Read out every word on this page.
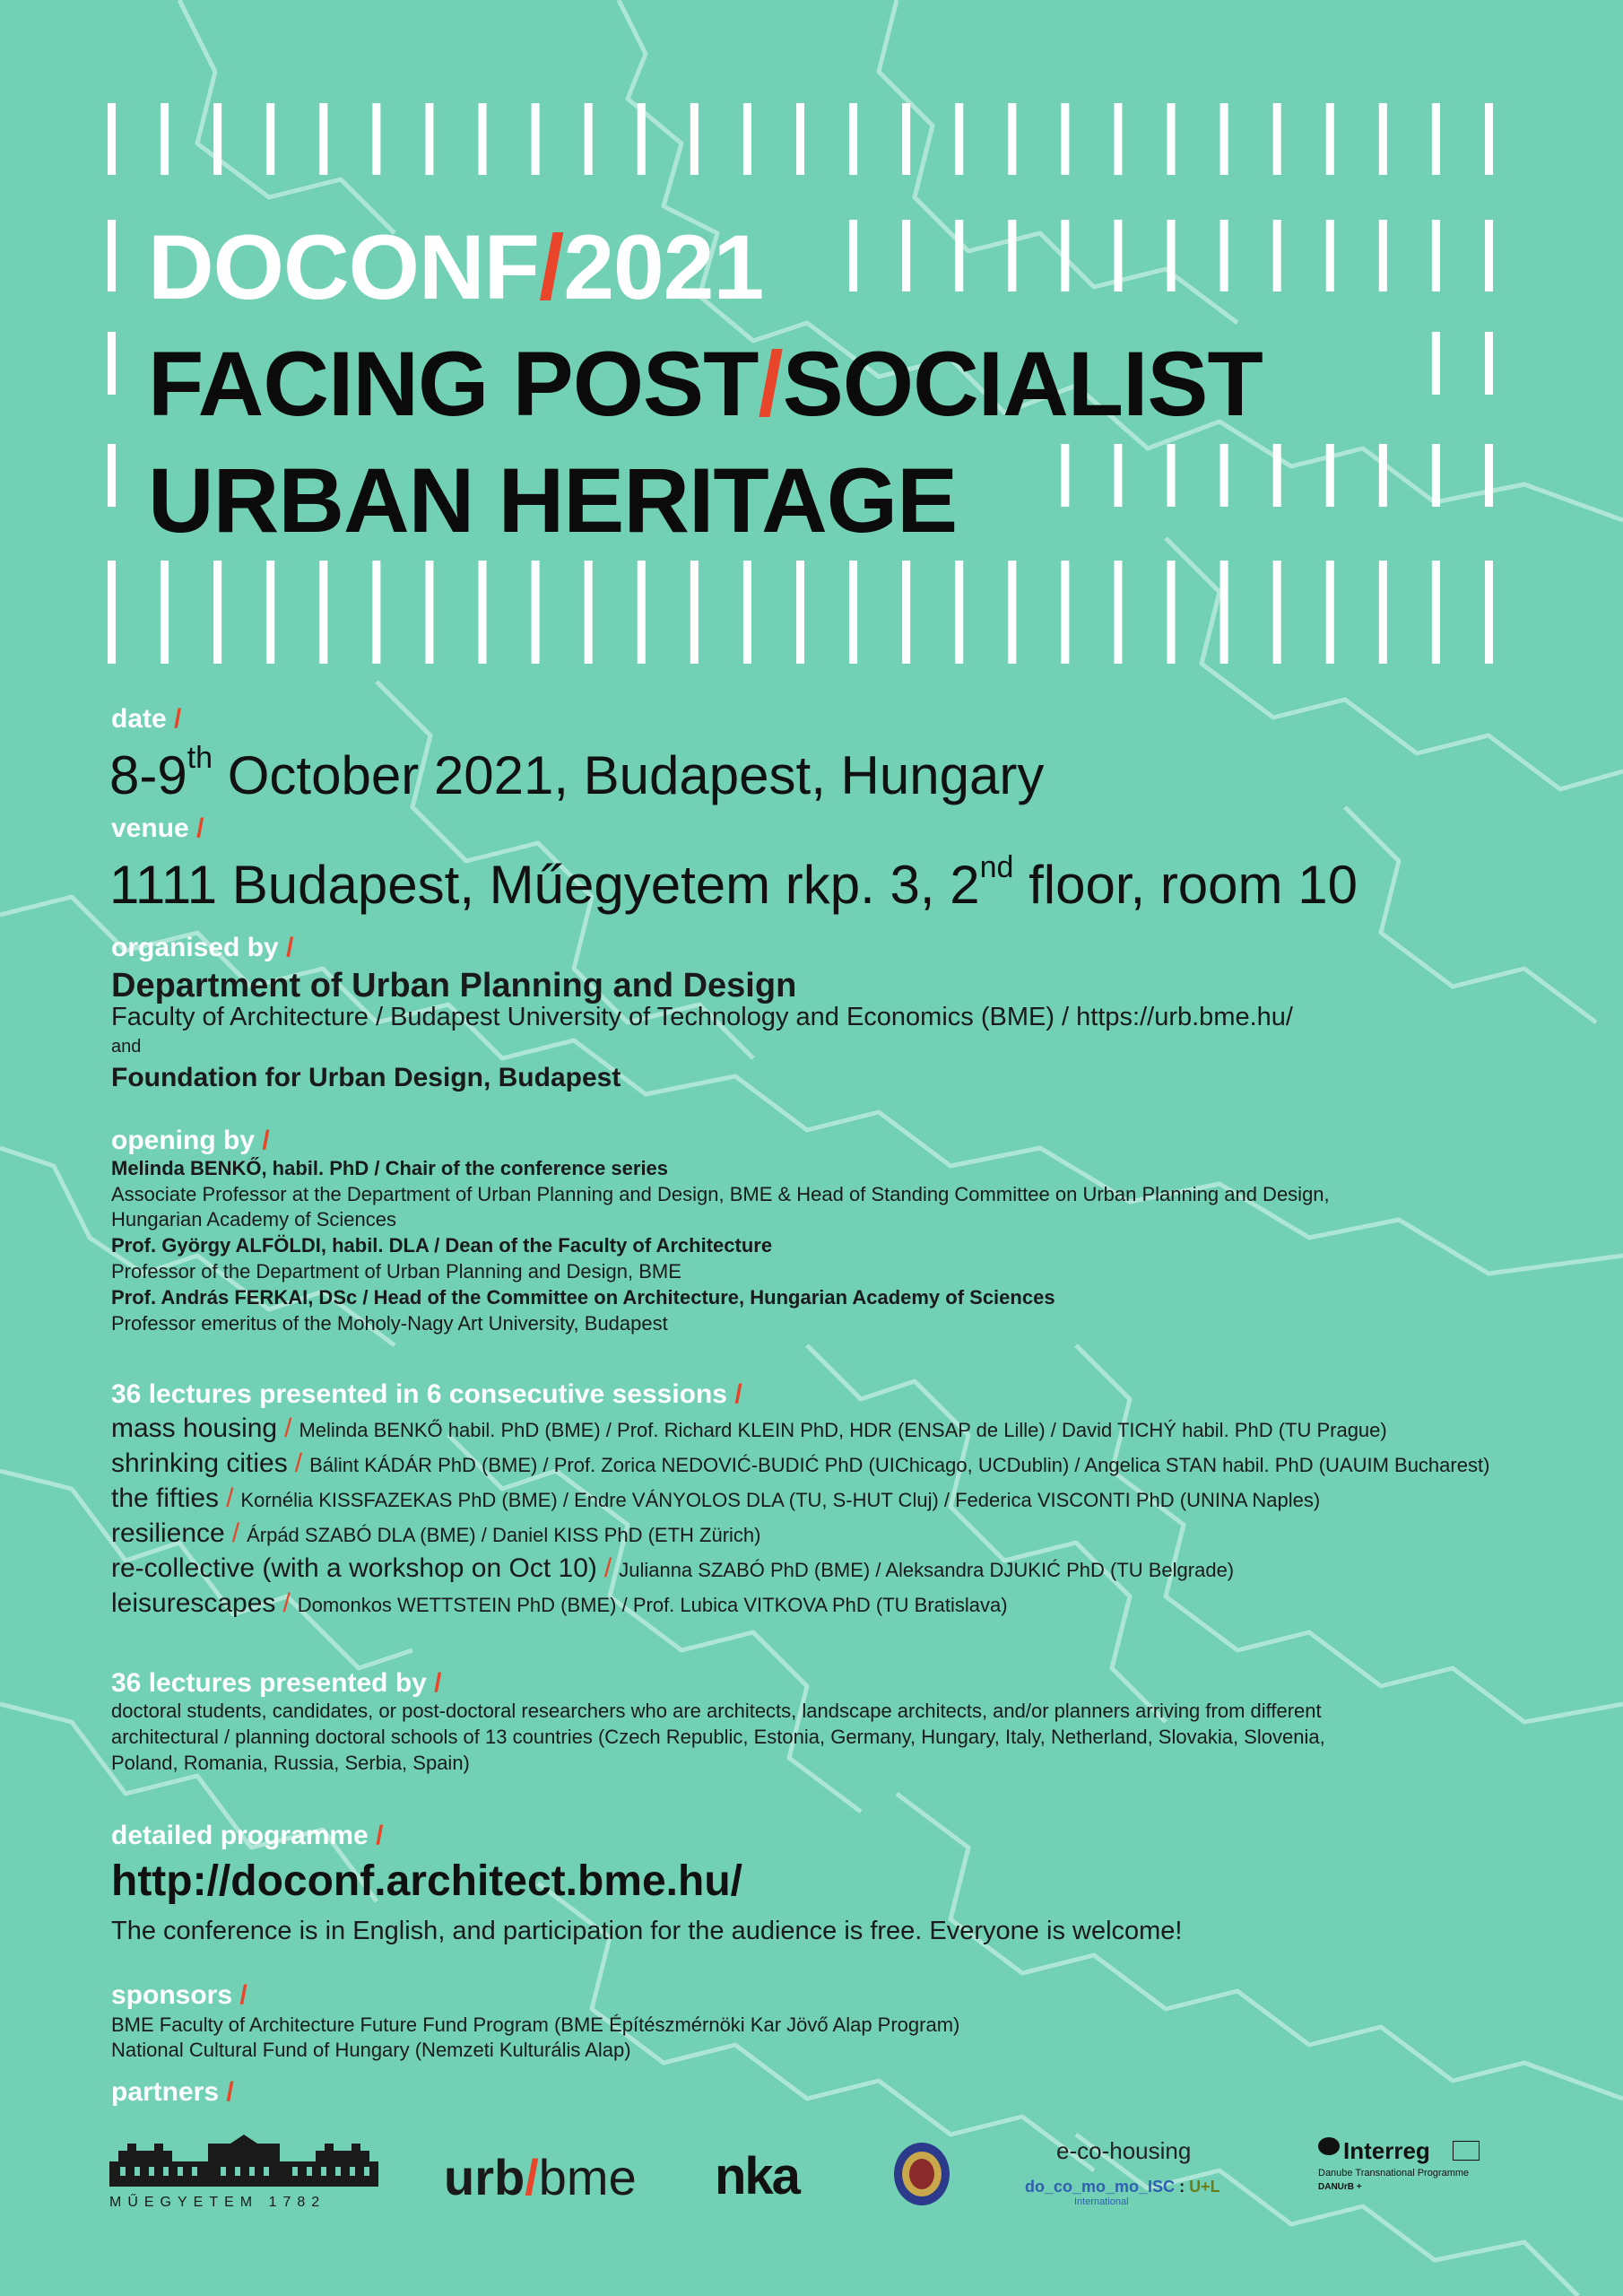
DOCONF/2021
FACING POST/SOCIALIST
URBAN HERITAGE
date /
8-9th October 2021, Budapest, Hungary
venue /
1111 Budapest, Műegyetem rkp. 3, 2nd floor, room 10
organised by /
Department of Urban Planning and Design
Faculty of Architecture / Budapest University of Technology and Economics (BME) / https://urb.bme.hu/
and
Foundation for Urban Design, Budapest
opening by /
Melinda BENKŐ, habil. PhD / Chair of the conference series
Associate Professor at the Department of Urban Planning and Design, BME & Head of Standing Committee on Urban Planning and Design,
Hungarian Academy of Sciences
Prof. György ALFÖLDI, habil. DLA / Dean of the Faculty of Architecture
Professor of the Department of Urban Planning and Design, BME
Prof. András FERKAI, DSc / Head of the Committee on Architecture, Hungarian Academy of Sciences
Professor emeritus of the Moholy-Nagy Art University, Budapest
36 lectures presented in 6 consecutive sessions /
mass housing / Melinda BENKŐ habil. PhD (BME) / Prof. Richard KLEIN PhD, HDR (ENSAP de Lille) / David TICHÝ habil. PhD (TU Prague)
shrinking cities / Bálint KÁDÁR PhD (BME) / Prof. Zorica NEDOVIĆ-BUDIĆ PhD (UIChicago, UCDublin) / Angelica STAN habil. PhD (UAUIM Bucharest)
the fifties / Kornélia KISSFAZEKAS PhD (BME) / Endre VÁNYOLOS DLA (TU, S-HUT Cluj) / Federica VISCONTI PhD (UNINA Naples)
resilience / Árpád SZABÓ DLA (BME) / Daniel KISS PhD (ETH Zürich)
re-collective (with a workshop on Oct 10) / Julianna SZABÓ PhD (BME) / Aleksandra DJUKIĆ PhD (TU Belgrade)
leisurescapes / Domonkos WETTSTEIN PhD (BME) / Prof. Lubica VITKOVA PhD (TU Bratislava)
36 lectures presented by /
doctoral students, candidates, or post-doctoral researchers who are architects, landscape architects, and/or planners arriving from different
architectural / planning doctoral schools of 13 countries (Czech Republic, Estonia, Germany, Hungary, Italy, Netherland, Slovakia, Slovenia,
Poland, Romania, Russia, Serbia, Spain)
detailed programme /
http://doconf.architect.bme.hu/
The conference is in English, and participation for the audience is free. Everyone is welcome!
sponsors /
BME Faculty of Architecture Future Fund Program (BME Építészmérnöki Kar Jövő Alap Program)
National Cultural Fund of Hungary (Nemzeti Kulturális Alap)
partners /
MŰEGYETEM 1782	urb/bme nka	e-co-housing
do_co_mo_mo_ISC : U+L
International
Interreg
Danube Transnational Programme
DANUrB +
